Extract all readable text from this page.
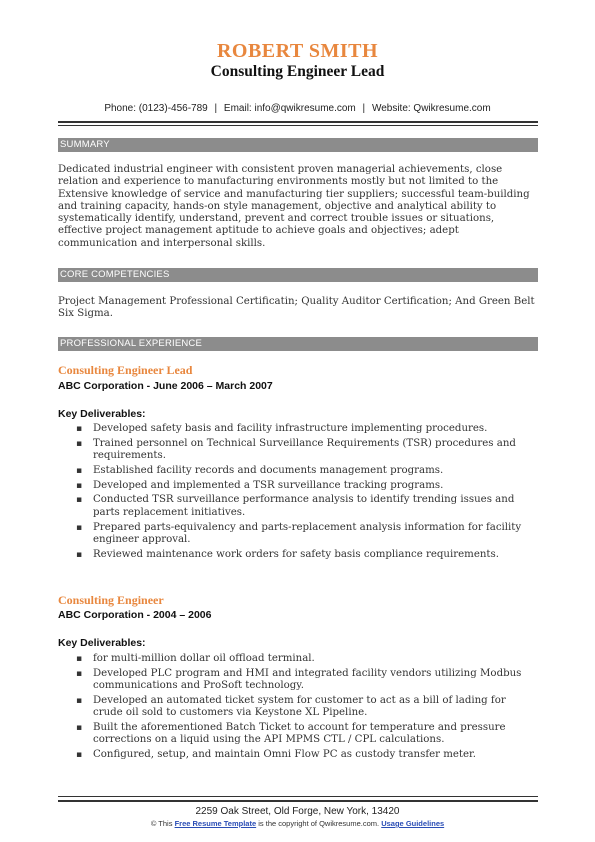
ROBERT SMITH
Consulting Engineer Lead
Phone: (0123)-456-789 | Email: info@qwikresume.com | Website: Qwikresume.com
SUMMARY
Dedicated industrial engineer with consistent proven managerial achievements, close relation and experience to manufacturing environments mostly but not limited to the Extensive knowledge of service and manufacturing tier suppliers; successful team-building and training capacity, hands-on style management, objective and analytical ability to systematically identify, understand, prevent and correct trouble issues or situations, effective project management aptitude to achieve goals and objectives; adept communication and interpersonal skills.
CORE COMPETENCIES
Project Management Professional Certificatin; Quality Auditor Certification; And Green Belt Six Sigma.
PROFESSIONAL EXPERIENCE
Consulting Engineer Lead
ABC Corporation - June 2006 – March 2007
Key Deliverables:
▪ Developed safety basis and facility infrastructure implementing procedures.
▪ Trained personnel on Technical Surveillance Requirements (TSR) procedures and requirements.
▪ Established facility records and documents management programs.
▪ Developed and implemented a TSR surveillance tracking programs.
▪ Conducted TSR surveillance performance analysis to identify trending issues and parts replacement initiatives.
▪ Prepared parts-equivalency and parts-replacement analysis information for facility engineer approval.
▪ Reviewed maintenance work orders for safety basis compliance requirements.
Consulting Engineer
ABC Corporation - 2004 – 2006
Key Deliverables:
▪ for multi-million dollar oil offload terminal.
▪ Developed PLC program and HMI and integrated facility vendors utilizing Modbus communications and ProSoft technology.
▪ Developed an automated ticket system for customer to act as a bill of lading for crude oil sold to customers via Keystone XL Pipeline.
▪ Built the aforementioned Batch Ticket to account for temperature and pressure corrections on a liquid using the API MPMS CTL / CPL calculations.
▪ Configured, setup, and maintain Omni Flow PC as custody transfer meter.
2259 Oak Street, Old Forge, New York, 13420
© This Free Resume Template is the copyright of Qwikresume.com. Usage Guidelines
